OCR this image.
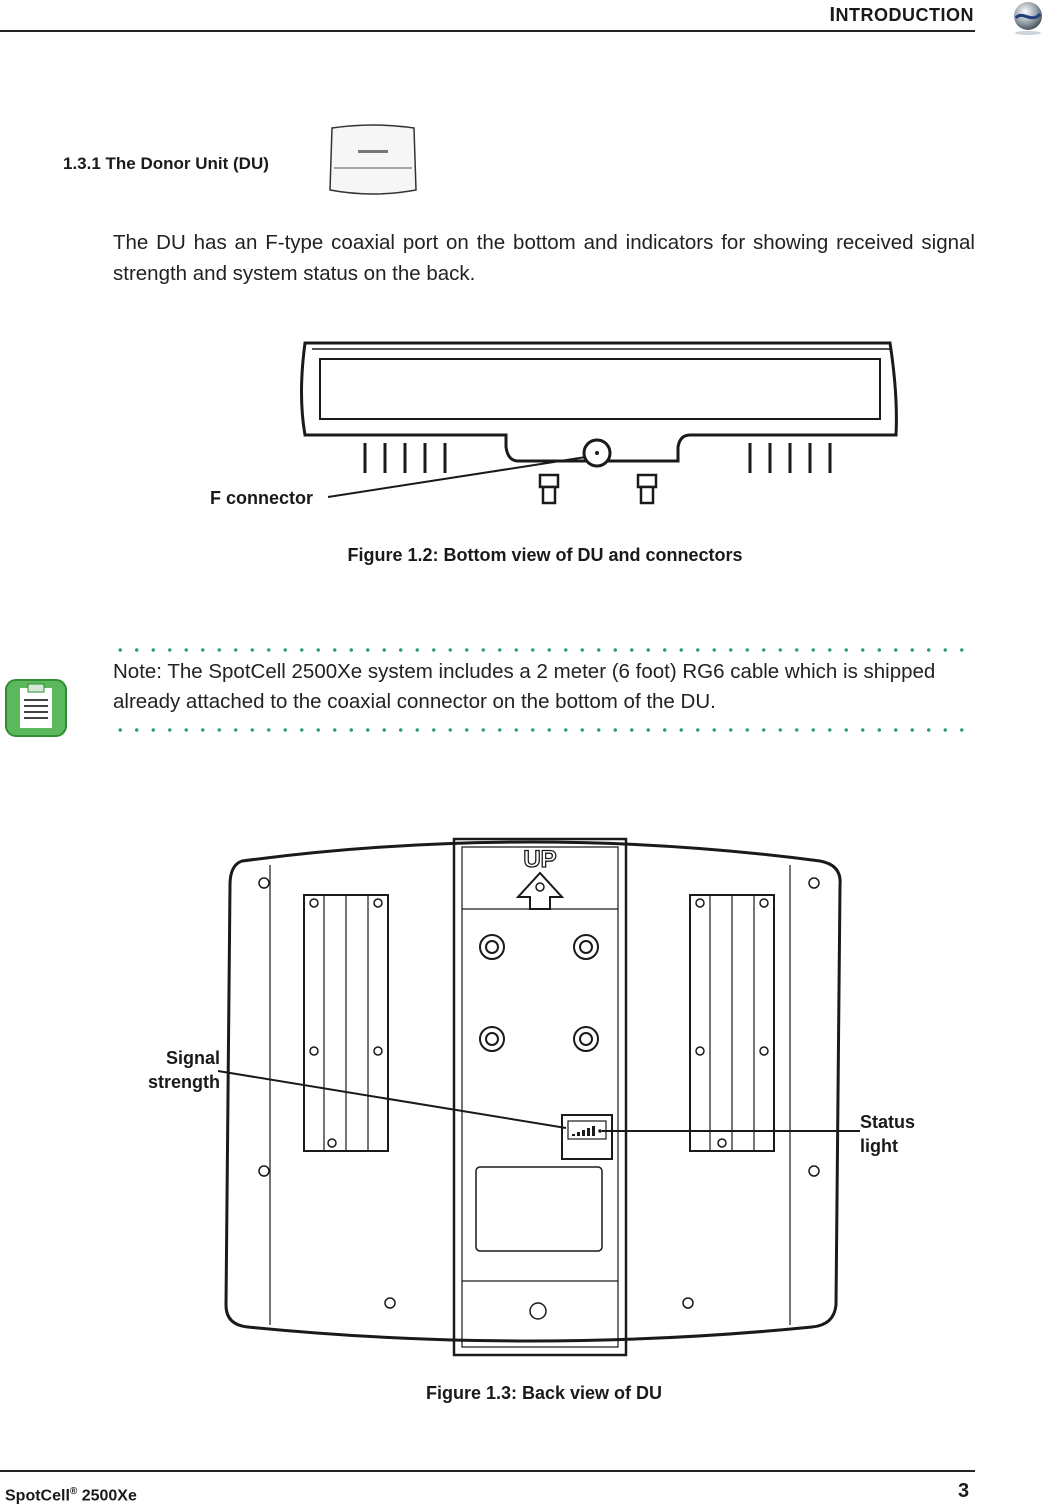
INTRODUCTION
1.3.1 The Donor Unit (DU)
The DU has an F-type coaxial port on the bottom and indicators for showing received signal strength and system status on the back.
F connector
Figure 1.2: Bottom view of DU and connectors
Note: The SpotCell 2500Xe system includes a 2 meter (6 foot) RG6 cable which is shipped already attached to the coaxial connector on the bottom of the DU.
UP
Signal
strength
Status
light
Figure 1.3: Back view of DU
SpotCell® 2500Xe	3
